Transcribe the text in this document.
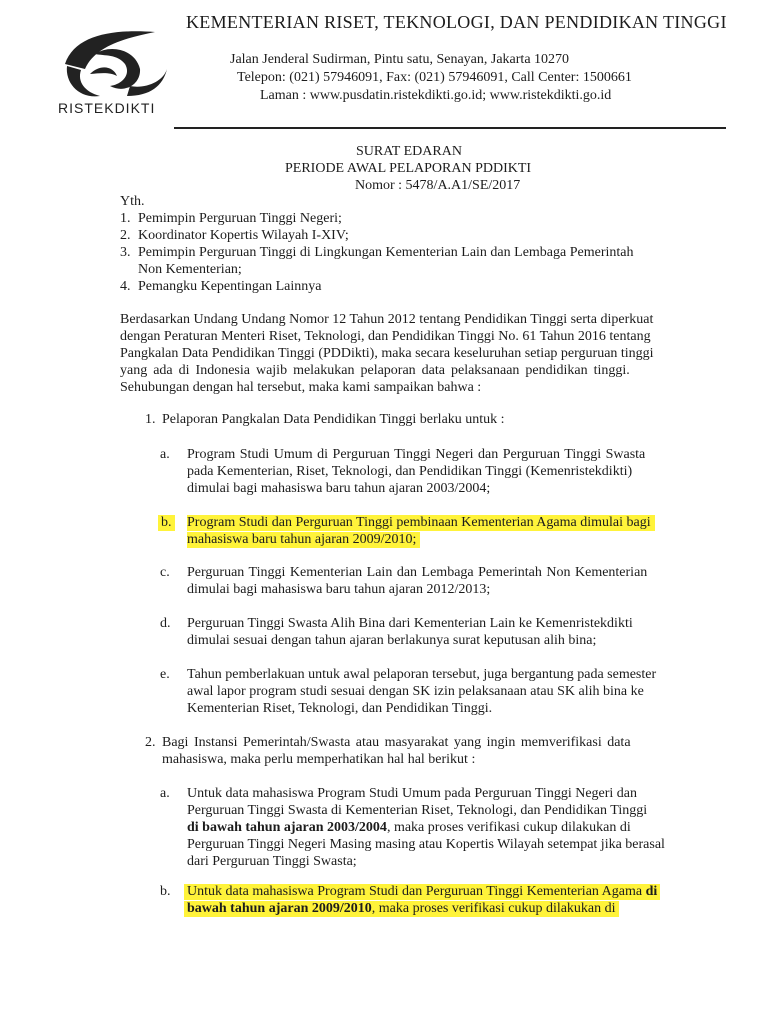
RISTEKDIKTI
KEMENTERIAN RISET, TEKNOLOGI, DAN PENDIDIKAN TINGGI
Jalan Jenderal Sudirman, Pintu satu, Senayan, Jakarta 10270
Telepon: (021) 57946091, Fax: (021) 57946091, Call Center: 1500661
Laman : www.pusdatin.ristekdikti.go.id; www.ristekdikti.go.id
SURAT EDARAN
PERIODE AWAL PELAPORAN PDDIKTI
Nomor : 5478/A.A1/SE/2017
Yth.
1. Pemimpin Perguruan Tinggi Negeri;
2. Koordinator Kopertis Wilayah I-XIV;
3. Pemimpin Perguruan Tinggi di Lingkungan Kementerian Lain dan Lembaga Pemerintah
Non Kementerian;
4. Pemangku Kepentingan Lainnya
Berdasarkan Undang Undang Nomor 12 Tahun 2012 tentang Pendidikan Tinggi serta diperkuat
dengan Peraturan Menteri Riset, Teknologi, dan Pendidikan Tinggi No. 61 Tahun 2016 tentang
Pangkalan Data Pendidikan Tinggi (PDDikti), maka secara keseluruhan setiap perguruan tinggi
yang ada di Indonesia wajib melakukan pelaporan data pelaksanaan pendidikan tinggi.
Sehubungan dengan hal tersebut, maka kami sampaikan bahwa :
1. Pelaporan Pangkalan Data Pendidikan Tinggi berlaku untuk :
a. Program Studi Umum di Perguruan Tinggi Negeri dan Perguruan Tinggi Swasta
pada Kementerian, Riset, Teknologi, dan Pendidikan Tinggi (Kemenristekdikti)
dimulai bagi mahasiswa baru tahun ajaran 2003/2004;
b. Program Studi dan Perguruan Tinggi pembinaan Kementerian Agama dimulai bagi
mahasiswa baru tahun ajaran 2009/2010;
c. Perguruan Tinggi Kementerian Lain dan Lembaga Pemerintah Non Kementerian
dimulai bagi mahasiswa baru tahun ajaran 2012/2013;
d. Perguruan Tinggi Swasta Alih Bina dari Kementerian Lain ke Kemenristekdikti
dimulai sesuai dengan tahun ajaran berlakunya surat keputusan alih bina;
e. Tahun pemberlakuan untuk awal pelaporan tersebut, juga bergantung pada semester
awal lapor program studi sesuai dengan SK izin pelaksanaan atau SK alih bina ke
Kementerian Riset, Teknologi, dan Pendidikan Tinggi.
2. Bagi Instansi Pemerintah/Swasta atau masyarakat yang ingin memverifikasi data
mahasiswa, maka perlu memperhatikan hal hal berikut :
a. Untuk data mahasiswa Program Studi Umum pada Perguruan Tinggi Negeri dan
Perguruan Tinggi Swasta di Kementerian Riset, Teknologi, dan Pendidikan Tinggi
di bawah tahun ajaran 2003/2004, maka proses verifikasi cukup dilakukan di
Perguruan Tinggi Negeri Masing masing atau Kopertis Wilayah setempat jika berasal
dari Perguruan Tinggi Swasta;
b. Untuk data mahasiswa Program Studi dan Perguruan Tinggi Kementerian Agama di
bawah tahun ajaran 2009/2010, maka proses verifikasi cukup dilakukan di
